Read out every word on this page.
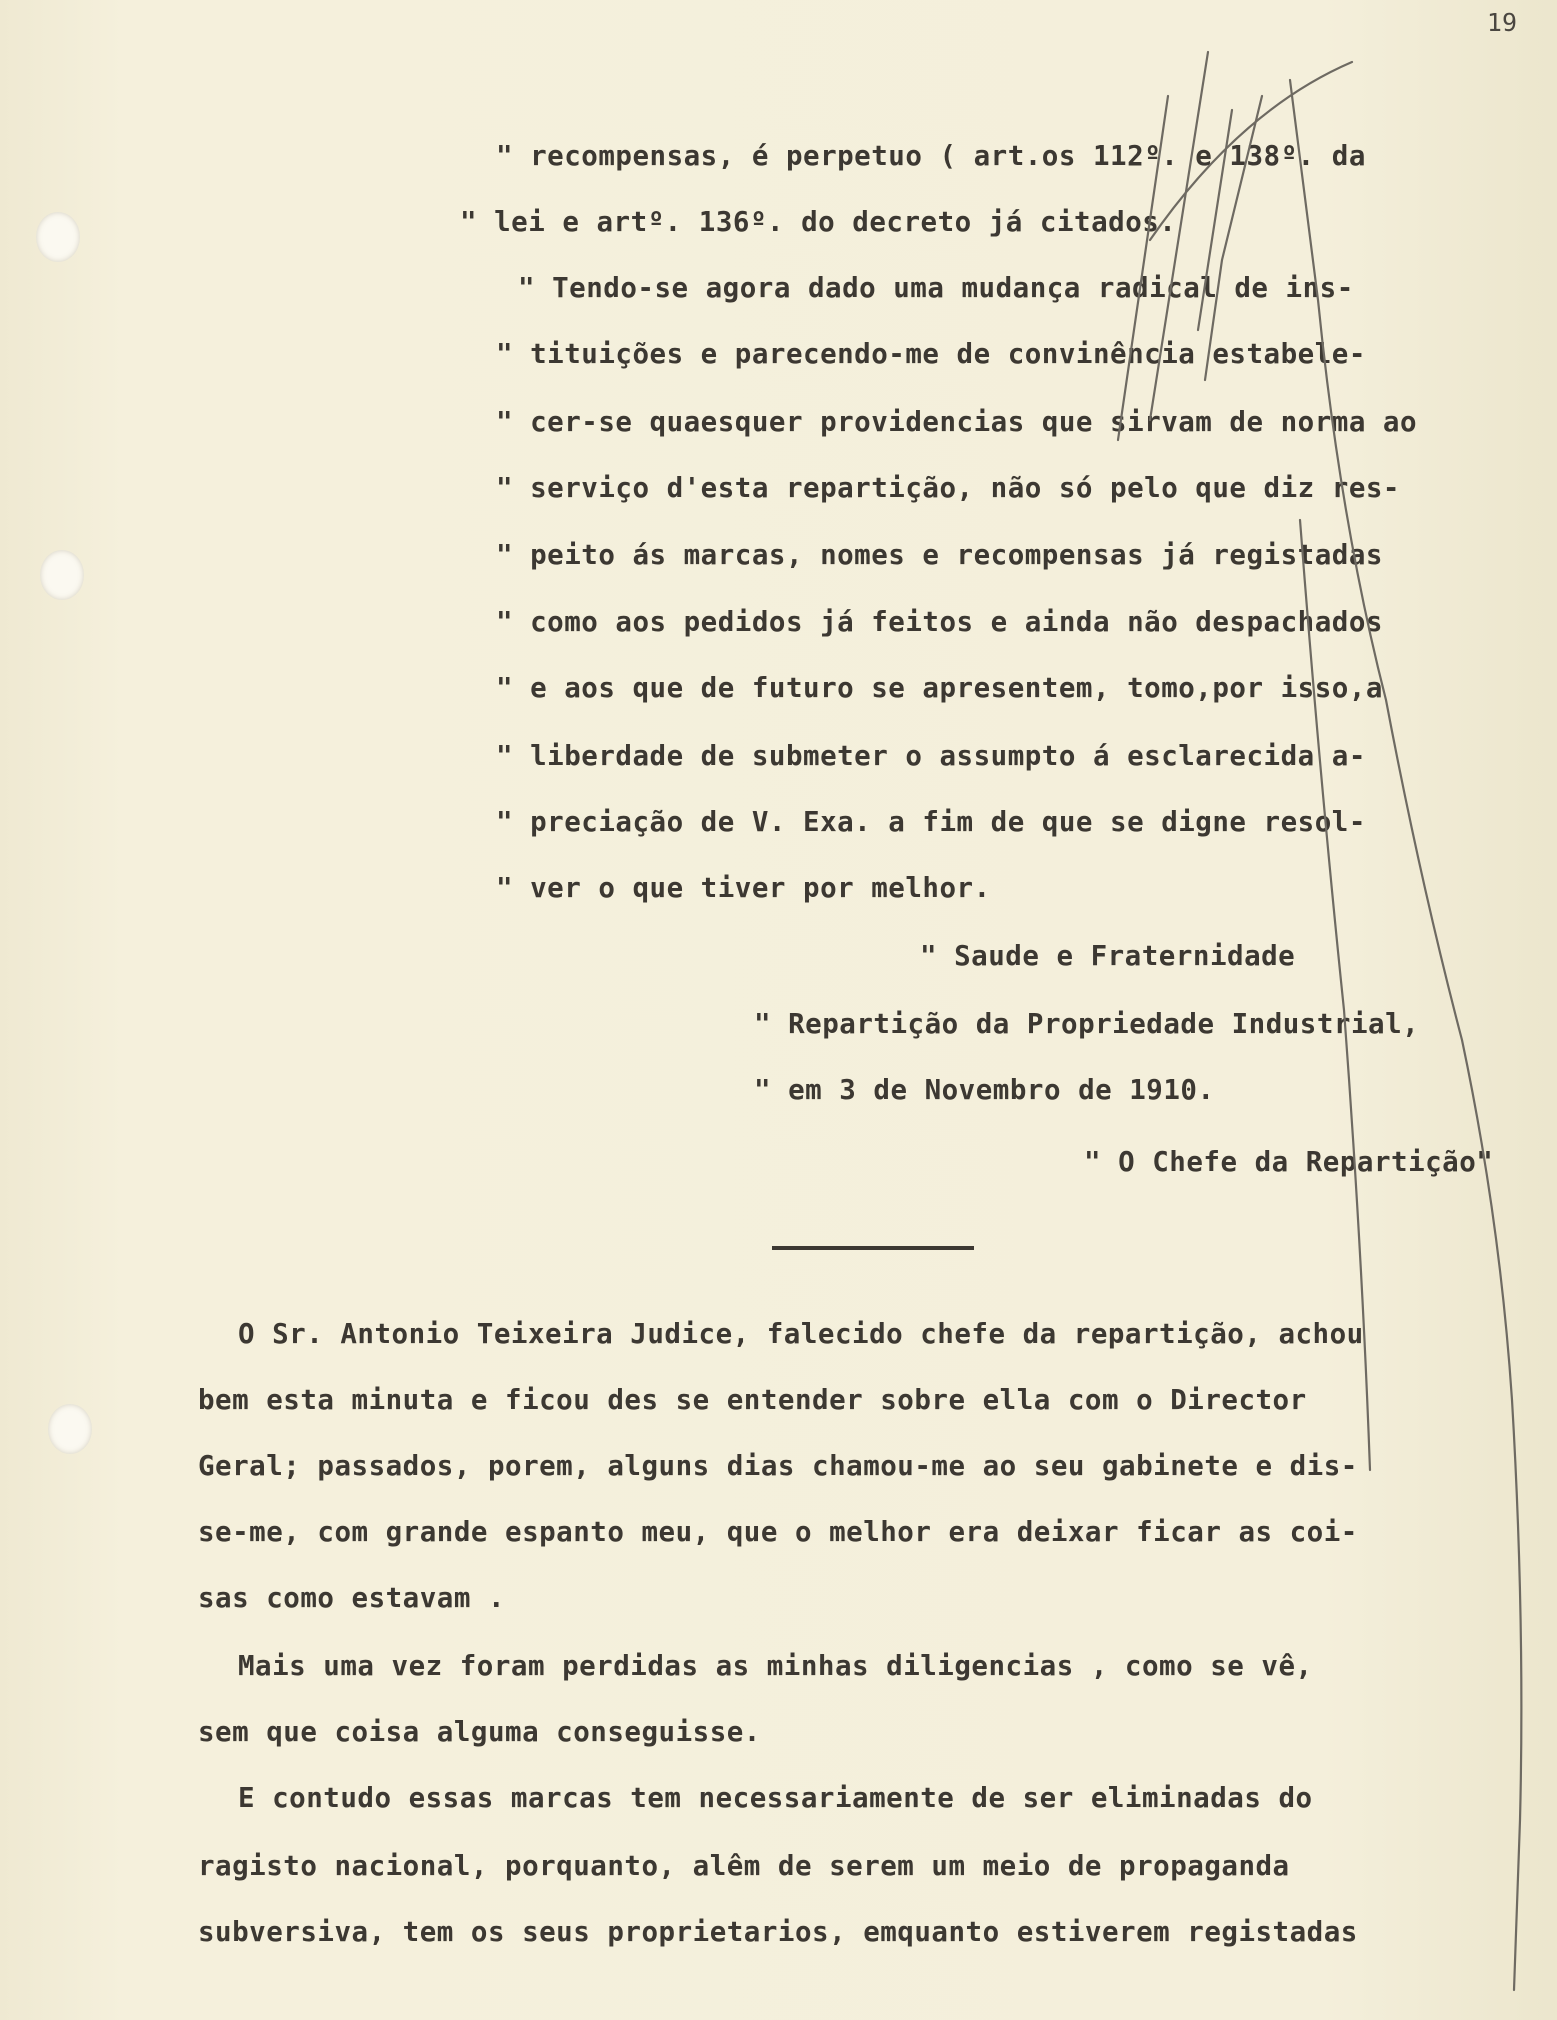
19
" recompensas, é perpetuo ( art.os 112º. e 138º. da
" lei e artº. 136º. do decreto já citados.
" Tendo-se agora dado uma mudança radical de ins-
" tituições e parecendo-me de convinência estabele-
" cer-se quaesquer providencias que sirvam de norma ao
" serviço d'esta repartição, não só pelo que diz res-
" peito ás marcas, nomes e recompensas já registadas
" como aos pedidos já feitos e ainda não despachados
" e aos que de futuro se apresentem, tomo,por isso,a
" liberdade de submeter o assumpto á esclarecida a-
" preciação de V. Exa. a fim de que se digne resol-
" ver o que tiver por melhor.
" Saude e Fraternidade
" Repartição da Propriedade Industrial,
" em 3 de Novembro de 1910.
" O Chefe da Repartição"
O Sr. Antonio Teixeira Judice, falecido chefe da repartição, achou
bem esta minuta e ficou des se entender sobre ella com o Director
Geral; passados, porem, alguns dias chamou-me ao seu gabinete e dis-
se-me, com grande espanto meu, que o melhor era deixar ficar as coi-
sas como estavam .
Mais uma vez foram perdidas as minhas diligencias , como se vê,
sem que coisa alguma conseguisse.
E contudo essas marcas tem necessariamente de ser eliminadas do
ragisto nacional, porquanto, alêm de serem um meio de propaganda
subversiva, tem os seus proprietarios, emquanto estiverem registadas
